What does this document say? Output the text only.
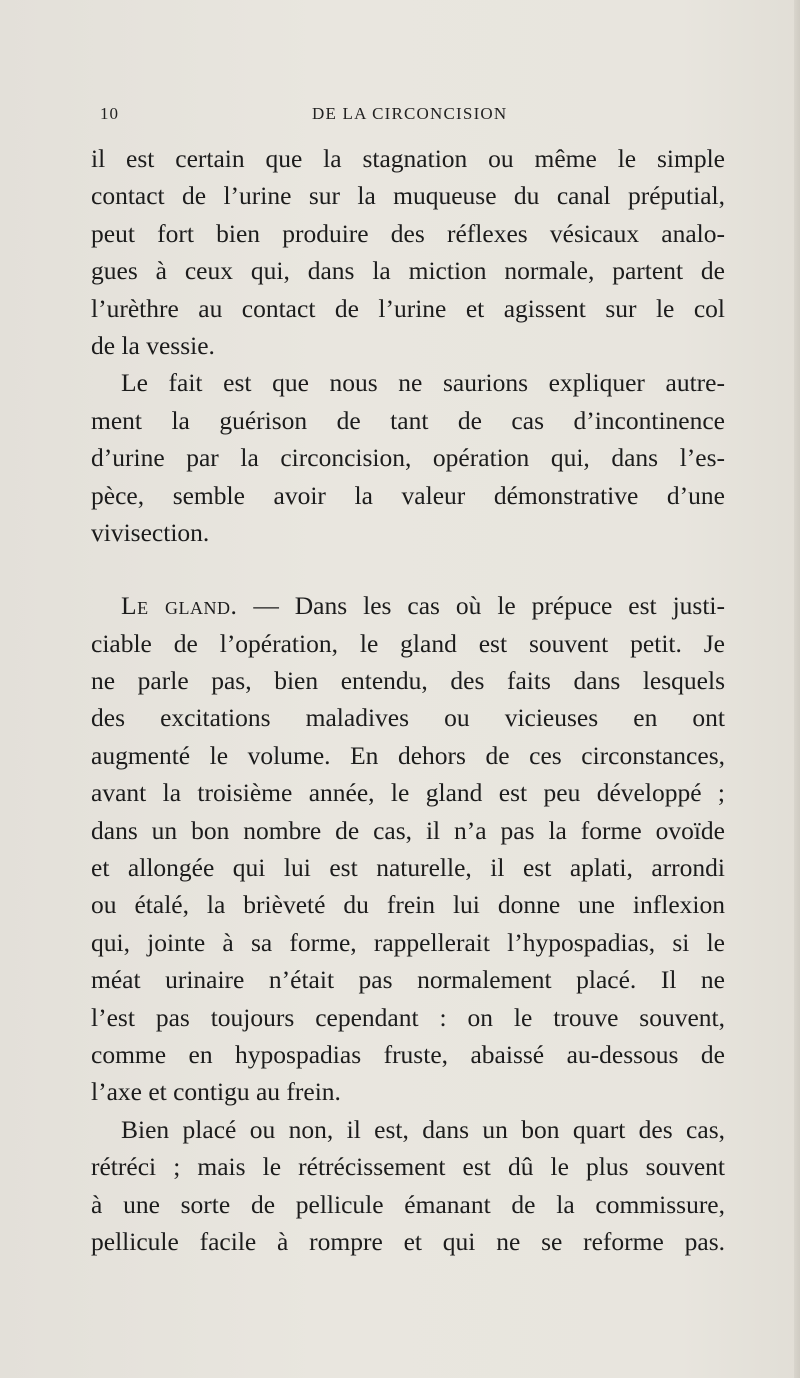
10	DE LA CIRCONCISION
il est certain que la stagnation ou même le simple
contact de l’urine sur la muqueuse du canal préputial,
peut fort bien produire des réflexes vésicaux analo-
gues à ceux qui, dans la miction normale, partent de
l’urèthre au contact de l’urine et agissent sur le col
de la vessie.
Le fait est que nous ne saurions expliquer autre-
ment la guérison de tant de cas d’incontinence
d’urine par la circoncision, opération qui, dans l’es-
pèce, semble avoir la valeur démonstrative d’une
vivisection.
Le gland. — Dans les cas où le prépuce est justi-
ciable de l’opération, le gland est souvent petit. Je
ne parle pas, bien entendu, des faits dans lesquels
des excitations maladives ou vicieuses en ont
augmenté le volume. En dehors de ces circonstances,
avant la troisième année, le gland est peu développé ;
dans un bon nombre de cas, il n’a pas la forme ovoïde
et allongée qui lui est naturelle, il est aplati, arrondi
ou étalé, la brièveté du frein lui donne une inflexion
qui, jointe à sa forme, rappellerait l’hypospadias, si le
méat urinaire n’était pas normalement placé. Il ne
l’est pas toujours cependant : on le trouve souvent,
comme en hypospadias fruste, abaissé au-dessous de
l’axe et contigu au frein.
Bien placé ou non, il est, dans un bon quart des cas,
rétréci ; mais le rétrécissement est dû le plus souvent
à une sorte de pellicule émanant de la commissure,
pellicule facile à rompre et qui ne se reforme pas.
